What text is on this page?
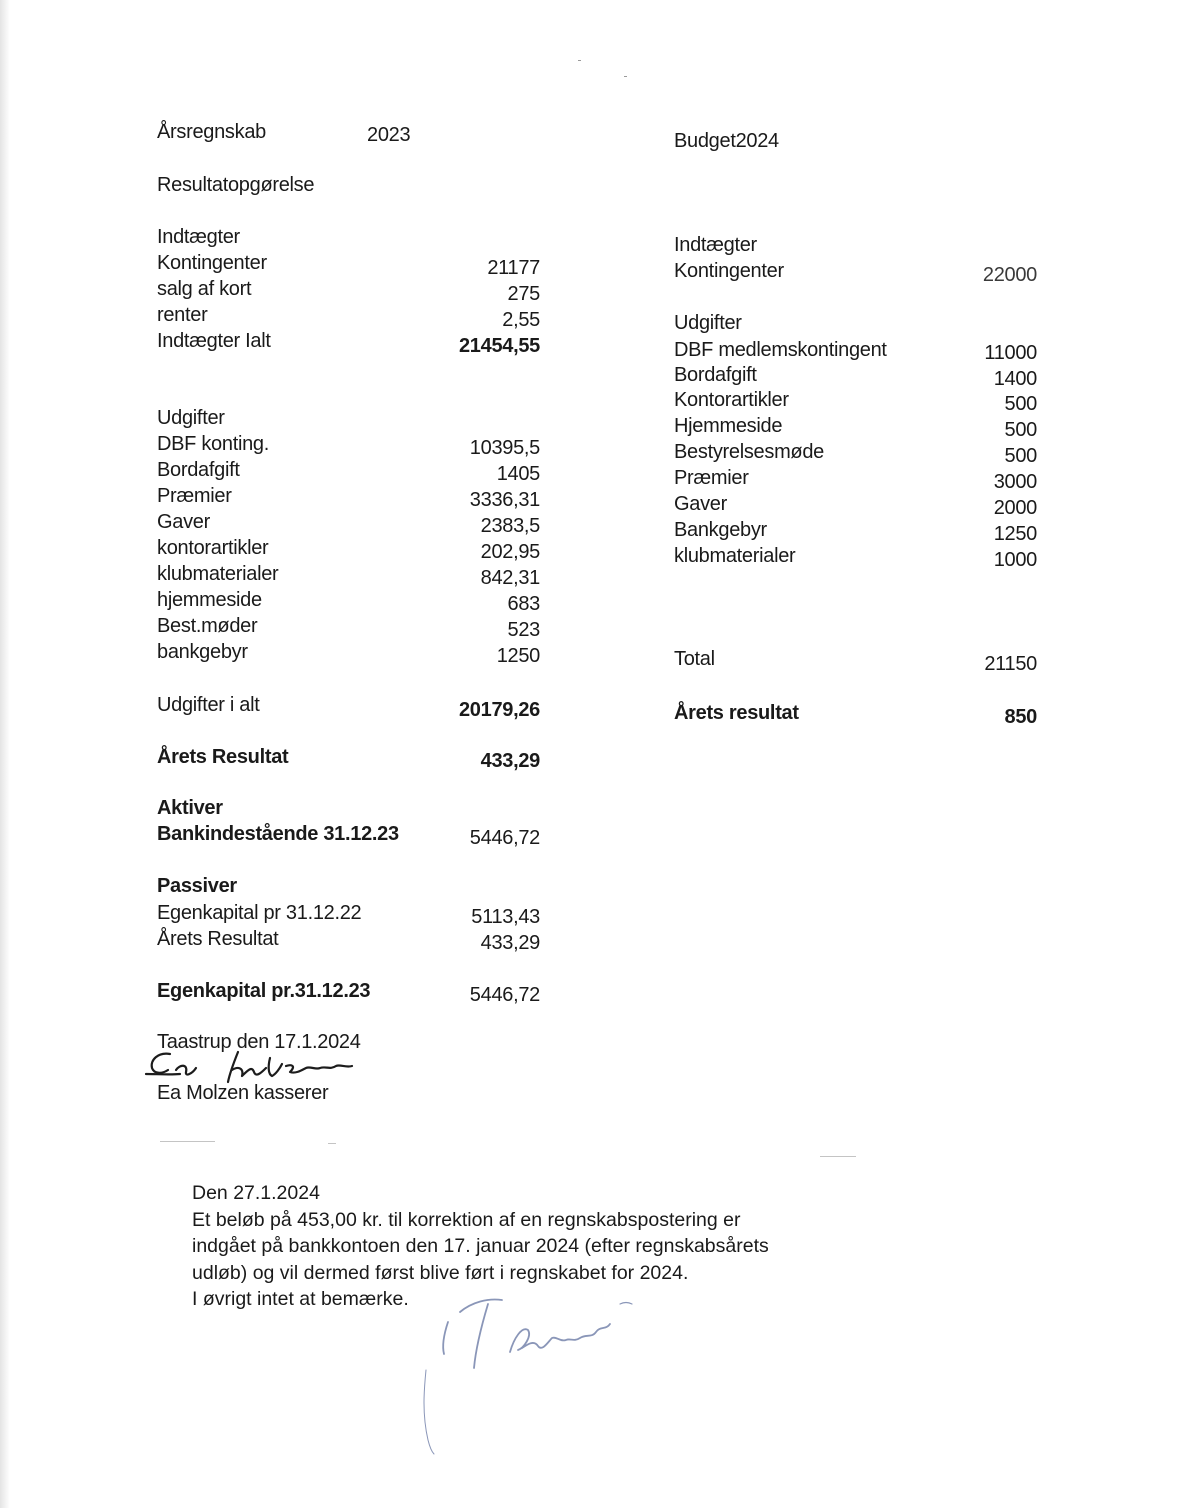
Årsregnskab	2023	Budget2024
Resultatopgørelse
Indtægter
Kontingenter	21177
salg af kort	275
renter	2,55
Indtægter Ialt	21454,55
Udgifter
DBF konting.	10395,5
Bordafgift	1405
Præmier	3336,31
Gaver	2383,5
kontorartikler	202,95
klubmaterialer	842,31
hjemmeside	683
Best.møder	523
bankgebyr	1250
Udgifter i alt	20179,26
Årets Resultat	433,29
Aktiver
Bankindestående 31.12.23	5446,72
Passiver
Egenkapital pr 31.12.22	5113,43
Årets Resultat	433,29
Egenkapital pr.31.12.23	5446,72
Indtægter
Kontingenter	22000
Udgifter
DBF medlemskontingent	11000
Bordafgift	1400
Kontorartikler	500
Hjemmeside	500
Bestyrelsesmøde	500
Præmier	3000
Gaver	2000
Bankgebyr	1250
klubmaterialer	1000
Total	21150
Årets resultat	850
Taastrup den 17.1.2024
Ea Molzen kasserer
Den 27.1.2024
Et beløb på 453,00 kr. til korrektion af en regnskabspostering er
indgået på bankkontoen den 17. januar 2024 (efter regnskabsårets
udløb) og vil dermed først blive ført i regnskabet for 2024.
I øvrigt intet at bemærke.
